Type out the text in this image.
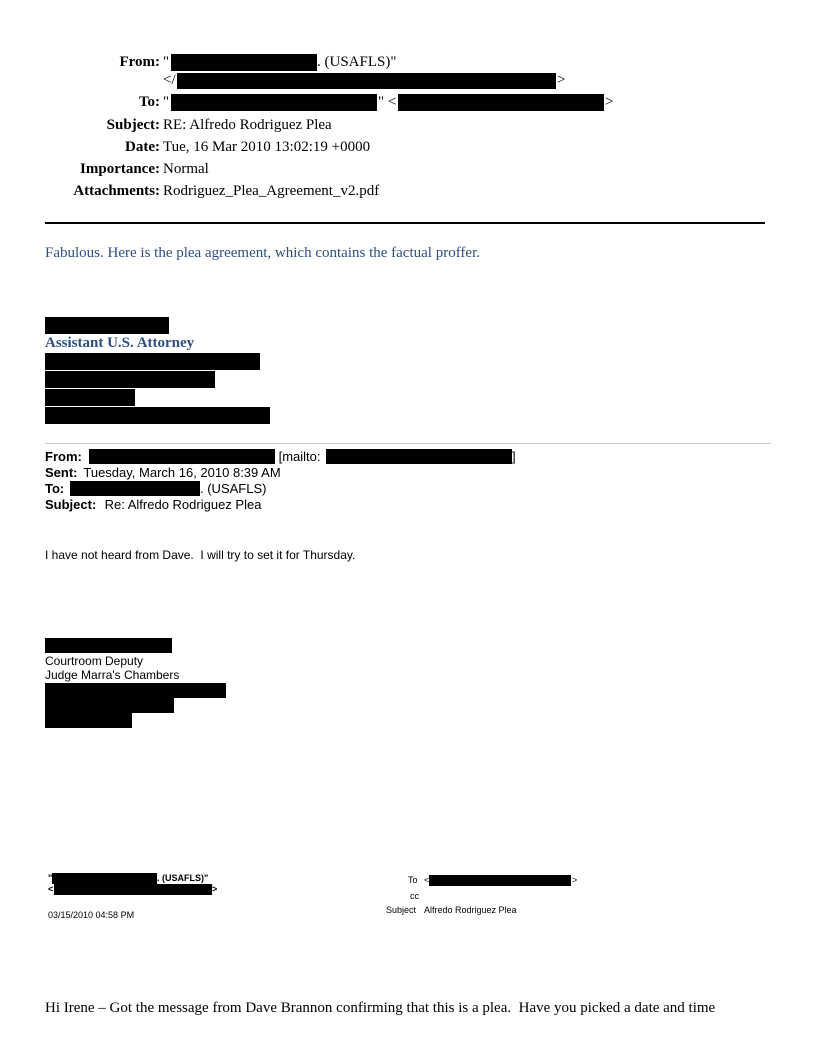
From: "	. (USAFLS)"
</	>
To: "	" <	>
Subject: RE: Alfredo Rodriguez Plea
Date: Tue, 16 Mar 2010 13:02:19 +0000
Importance: Normal
Attachments: Rodriguez_Plea_Agreement_v2.pdf
Fabulous. Here is the plea agreement, which contains the factual proffer.
Assistant U.S. Attorney
From:	[mailto:	]
Sent: Tuesday, March 16, 2010 8:39 AM
To:	. (USAFLS)
Subject: Re: Alfredo Rodriguez Plea
I have not heard from Dave.  I will try to set it for Thursday.
Courtroom Deputy
Judge Marra's Chambers
"	. (USAFLS)"
<	>
03/15/2010 04:58 PM
To <	>
cc
Subject Alfredo Rodriguez Plea
Hi Irene – Got the message from Dave Brannon confirming that this is a plea.  Have you picked a date and time
